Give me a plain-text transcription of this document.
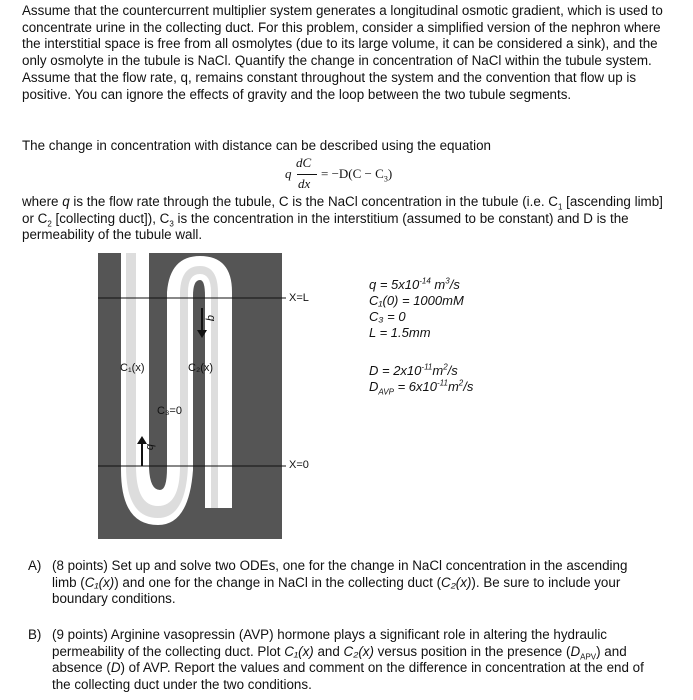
Assume that the countercurrent multiplier system generates a longitudinal osmotic gradient, which is used to concentrate urine in the collecting duct. For this problem, consider a simplified version of the nephron where the interstitial space is free from all osmolytes (due to its large volume, it can be considered a sink), and the only osmolyte in the tubule is NaCl. Quantify the change in concentration of NaCl within the tubule system. Assume that the flow rate, q, remains constant throughout the system and the convention that flow up is positive. You can ignore the effects of gravity and the loop between the two tubule segments.

The change in concentration with distance can be described using the equation

q
dC
dx
= $-D(C - C_3)$

where q is the flow rate through the tubule, C is the NaCl concentration in the tubule (i.e. $C_1$ [ascending limb] or $C_2$ [collecting duct]), $C_3$ is the concentration in the interstitium (assumed to be constant) and D is the permeability of the tubule wall.

X=L
X=0
C₁(x)	C₂(x)
C₃=0
q
q
$q = 5x10^{-14}$ $m^3/s$
C₁(0) = 1000mM
C₃ = 0
L = 1.5mm
$D = 2x10^{-11}m^2/s$
$D_{AVP} = 6x10^{-11}m^2/s$
A) (8 points) Set up and solve two ODEs, one for the change in NaCl concentration in the ascending limb (C₁(x)) and one for the change in NaCl in the collecting duct (C₂(x)). Be sure to include your boundary conditions.
B) (9 points) Arginine vasopressin (AVP) hormone plays a significant role in altering the hydraulic permeability of the collecting duct. Plot C₁(x) and C₂(x) versus position in the presence $(D_{APV})$ and absence (D) of AVP. Report the values and comment on the difference in concentration at the end of the collecting duct under the two conditions.
